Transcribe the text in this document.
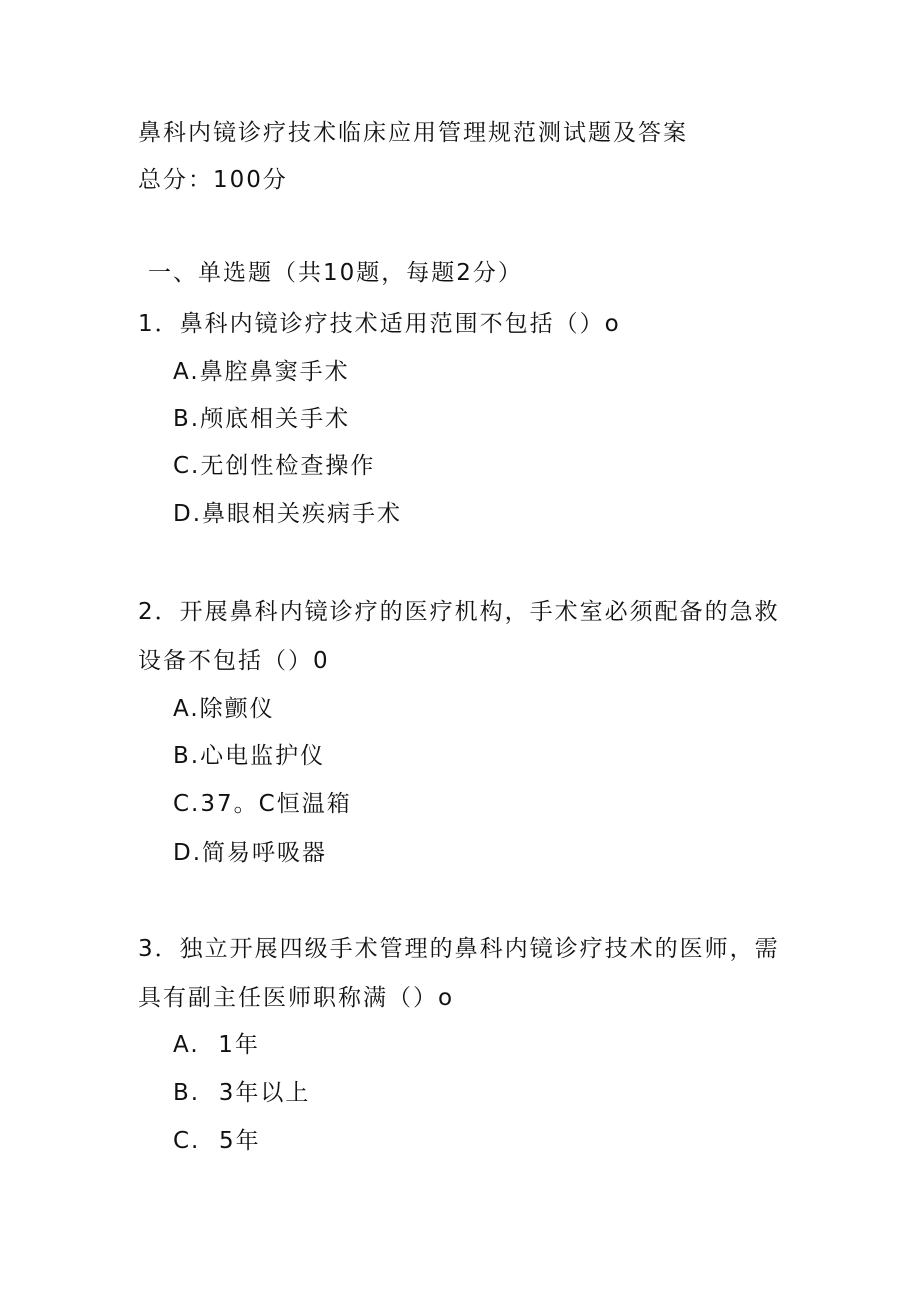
鼻科内镜诊疗技术临床应用管理规范测试题及答案
总分：100分
一、单选题（共10题，每题2分）
1．鼻科内镜诊疗技术适用范围不包括（）o
A.鼻腔鼻窦手术
B.颅底相关手术
C.无创性检查操作
D.鼻眼相关疾病手术
2．开展鼻科内镜诊疗的医疗机构，手术室必须配备的急救
设备不包括（）0
A.除颤仪
B.心电监护仪
C.37。C恒温箱
D.简易呼吸器
3．独立开展四级手术管理的鼻科内镜诊疗技术的医师，需
具有副主任医师职称满（）o
A.  1年
B.  3年以上
C.  5年
